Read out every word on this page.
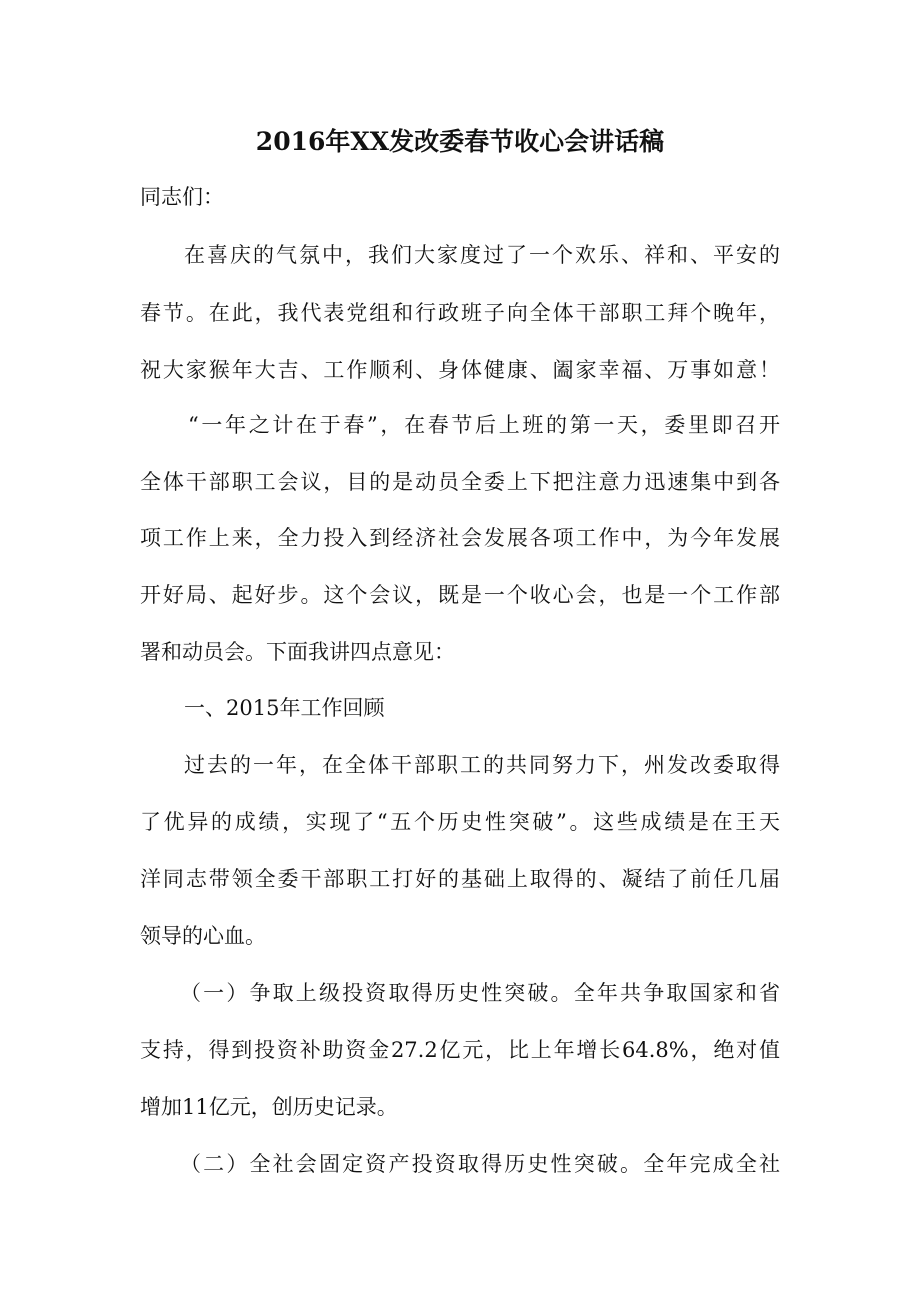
2016年XX发改委春节收心会讲话稿
同志们：
在喜庆的气氛中，我们大家度过了一个欢乐、祥和、平安的
春节。在此，我代表党组和行政班子向全体干部职工拜个晚年，
祝大家猴年大吉、工作顺利、身体健康、阖家幸福、万事如意！
“一年之计在于春”，在春节后上班的第一天，委里即召开
全体干部职工会议，目的是动员全委上下把注意力迅速集中到各
项工作上来，全力投入到经济社会发展各项工作中，为今年发展
开好局、起好步。这个会议，既是一个收心会，也是一个工作部
署和动员会。下面我讲四点意见：
一、2015年工作回顾
过去的一年，在全体干部职工的共同努力下，州发改委取得
了优异的成绩，实现了“五个历史性突破”。这些成绩是在王天
洋同志带领全委干部职工打好的基础上取得的、凝结了前任几届
领导的心血。
（一）争取上级投资取得历史性突破。全年共争取国家和省
支持，得到投资补助资金27.2亿元，比上年增长64.8%，绝对值
增加11亿元，创历史记录。
（二）全社会固定资产投资取得历史性突破。全年完成全社
